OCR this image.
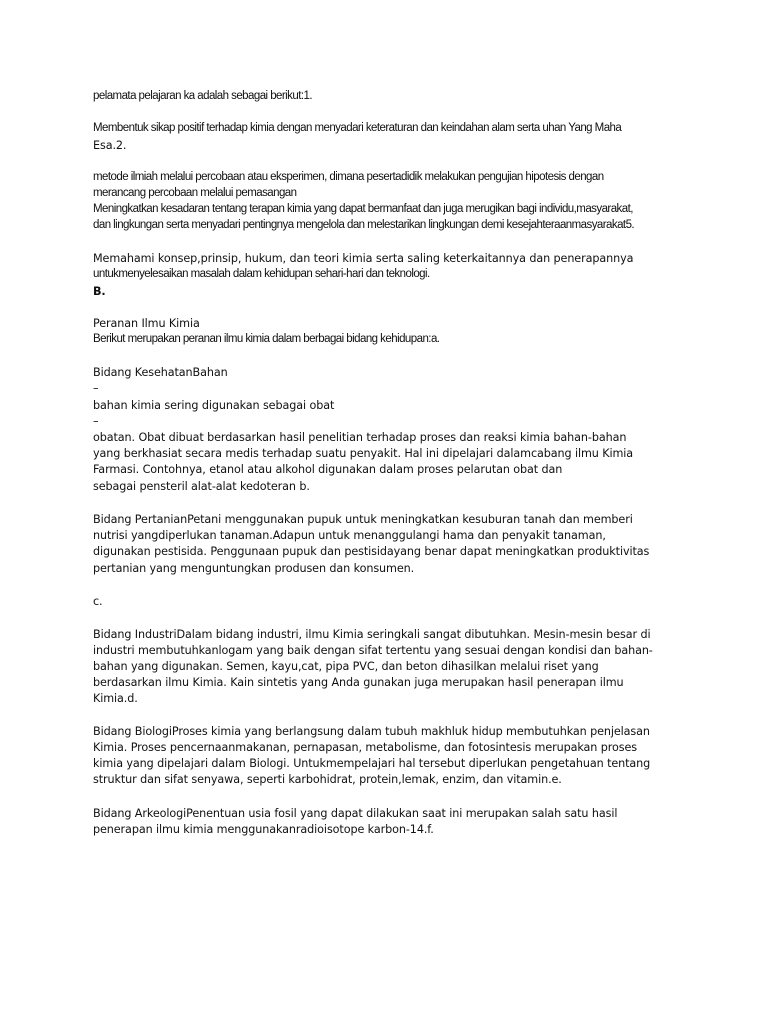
pelamata pelajaran ka adalah sebagai berikut:1.
Membentuk sikap positif terhadap kimia dengan menyadari keteraturan dan keindahan alam serta uhan Yang Maha
Esa.2.
metode ilmiah melalui percobaan atau eksperimen, dimana pesertadidik melakukan pengujian hipotesis dengan
merancang percobaan melalui pemasangan
Meningkatkan kesadaran tentang terapan kimia yang dapat bermanfaat dan juga merugikan bagi individu,masyarakat,
dan lingkungan serta menyadari pentingnya mengelola dan melestarikan lingkungan demi kesejahteraanmasyarakat5.
Memahami konsep,prinsip, hukum, dan teori kimia serta saling keterkaitannya dan penerapannya
untukmenyelesaikan masalah dalam kehidupan sehari-hari dan teknologi.
B.
Peranan Ilmu Kimia
Berikut merupakan peranan ilmu kimia dalam berbagai bidang kehidupan:a.
Bidang KesehatanBahan
–
bahan kimia sering digunakan sebagai obat
–
obatan. Obat dibuat berdasarkan hasil penelitian terhadap proses dan reaksi kimia bahan-bahan
yang berkhasiat secara medis terhadap suatu penyakit. Hal ini dipelajari dalamcabang ilmu Kimia
Farmasi. Contohnya, etanol atau alkohol digunakan dalam proses pelarutan obat dan
sebagai pensteril alat-alat kedoteran b.
Bidang PertanianPetani menggunakan pupuk untuk meningkatkan kesuburan tanah dan memberi
nutrisi yangdiperlukan tanaman.Adapun untuk menanggulangi hama dan penyakit tanaman,
digunakan pestisida. Penggunaan pupuk dan pestisidayang benar dapat meningkatkan produktivitas
pertanian yang menguntungkan produsen dan konsumen.
c.
Bidang IndustriDalam bidang industri, ilmu Kimia seringkali sangat dibutuhkan. Mesin-mesin besar di
industri membutuhkanlogam yang baik dengan sifat tertentu yang sesuai dengan kondisi dan bahan-
bahan yang digunakan. Semen, kayu,cat, pipa PVC, dan beton dihasilkan melalui riset yang
berdasarkan ilmu Kimia. Kain sintetis yang Anda gunakan juga merupakan hasil penerapan ilmu
Kimia.d.
Bidang BiologiProses kimia yang berlangsung dalam tubuh makhluk hidup membutuhkan penjelasan
Kimia. Proses pencernaanmakanan, pernapasan, metabolisme, dan fotosintesis merupakan proses
kimia yang dipelajari dalam Biologi. Untukmempelajari hal tersebut diperlukan pengetahuan tentang
struktur dan sifat senyawa, seperti karbohidrat, protein,lemak, enzim, dan vitamin.e.
Bidang ArkeologiPenentuan usia fosil yang dapat dilakukan saat ini merupakan salah satu hasil
penerapan ilmu kimia menggunakanradioisotope karbon-14.f.
